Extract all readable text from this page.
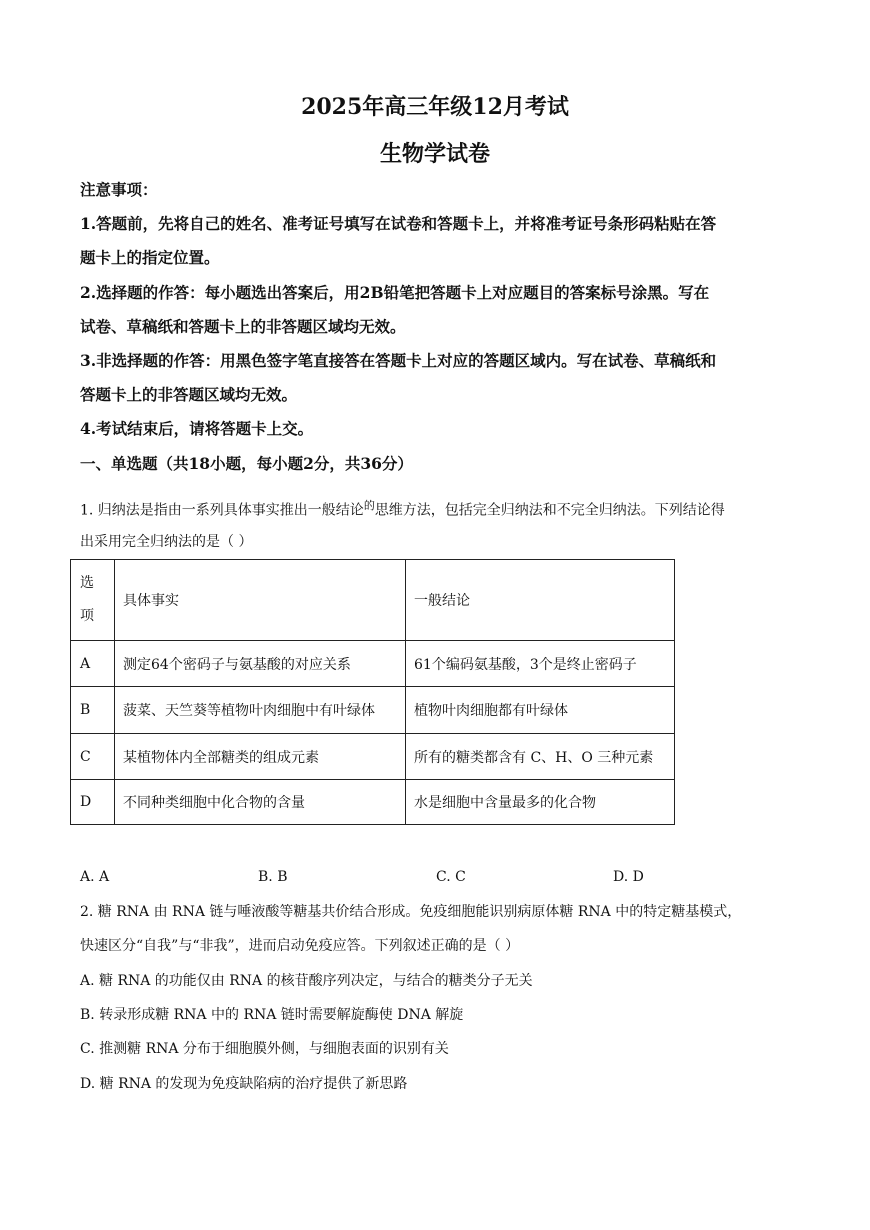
2025年高三年级12月考试
生物学试卷
注意事项：
1.答题前，先将自己的姓名、准考证号填写在试卷和答题卡上，并将准考证号条形码粘贴在答
题卡上的指定位置。
2.选择题的作答：每小题选出答案后，用2B铅笔把答题卡上对应题目的答案标号涂黑。写在
试卷、草稿纸和答题卡上的非答题区域均无效。
3.非选择题的作答：用黑色签字笔直接答在答题卡上对应的答题区域内。写在试卷、草稿纸和
答题卡上的非答题区域均无效。
4.考试结束后，请将答题卡上交。
一、单选题（共18小题，每小题2分，共36分）
1. 归纳法是指由一系列具体事实推出一般结论$^的$思维方法，包括完全归纳法和不完全归纳法。下列结论得
出采用完全归纳法的是（ ）
选
项	具体事实	一般结论
A	测定64个密码子与氨基酸的对应关系	61个编码氨基酸，3个是终止密码子
B	菠菜、天竺葵等植物叶肉细胞中有叶绿体	植物叶肉细胞都有叶绿体
C	某植物体内全部糖类的组成元素	所有的糖类都含有 C、H、O 三种元素
D	不同种类细胞中化合物的含量	水是细胞中含量最多的化合物
A. A	B. B	C. C	D. D
2. 糖 RNA 由 RNA 链与唾液酸等糖基共价结合形成。免疫细胞能识别病原体糖 RNA 中的特定糖基模式，
快速区分“自我”与“非我”，进而启动免疫应答。下列叙述正确的是（ ）
A. 糖 RNA 的功能仅由 RNA 的核苷酸序列决定，与结合的糖类分子无关
B. 转录形成糖 RNA 中的 RNA 链时需要解旋酶使 DNA 解旋
C. 推测糖 RNA 分布于细胞膜外侧，与细胞表面的识别有关
D. 糖 RNA 的发现为免疫缺陷病的治疗提供了新思路
